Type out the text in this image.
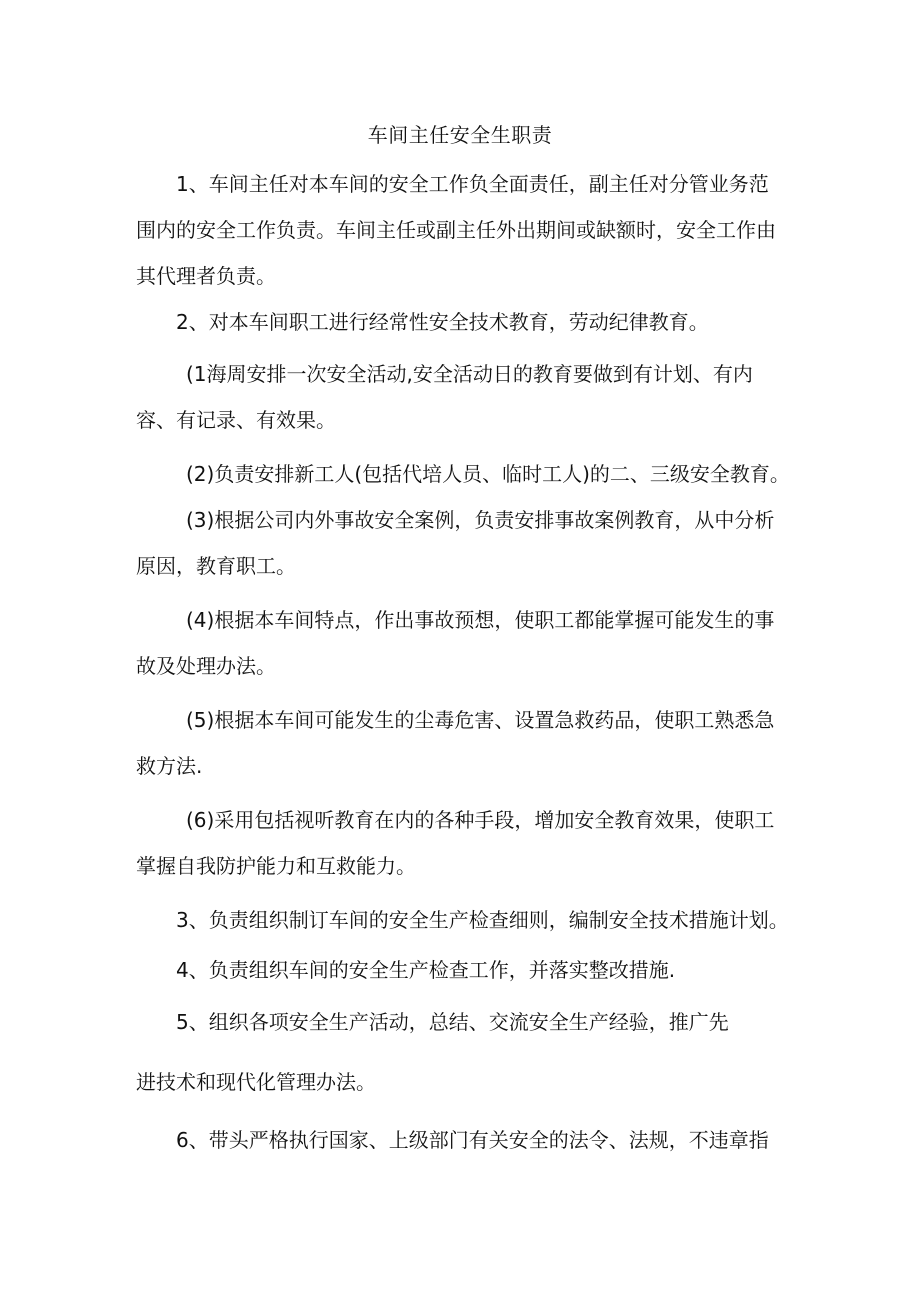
车间主任安全生职责
1、车间主任对本车间的安全工作负全面责任，副主任对分管业务范围内的安全工作负责。车间主任或副主任外出期间或缺额时，安全工作由其代理者负责。
2、对本车间职工进行经常性安全技术教育，劳动纪律教育。
(1海周安排一次安全活动,安全活动日的教育要做到有计划、有内容、有记录、有效果。
(2)负责安排新工人(包括代培人员、临时工人)的二、三级安全教育。
(3)根据公司内外事故安全案例，负责安排事故案例教育，从中分析原因，教育职工。
(4)根据本车间特点，作出事故预想，使职工都能掌握可能发生的事故及处理办法。
(5)根据本车间可能发生的尘毒危害、设置急救药品，使职工熟悉急救方法.
(6)采用包括视听教育在内的各种手段，增加安全教育效果，使职工掌握自我防护能力和互救能力。
3、负责组织制订车间的安全生产检查细则，编制安全技术措施计划。
4、负责组织车间的安全生产检查工作，并落实整改措施.
5、组织各项安全生产活动，总结、交流安全生产经验，推广先
进技术和现代化管理办法。
6、带头严格执行国家、上级部门有关安全的法令、法规，不违章指
